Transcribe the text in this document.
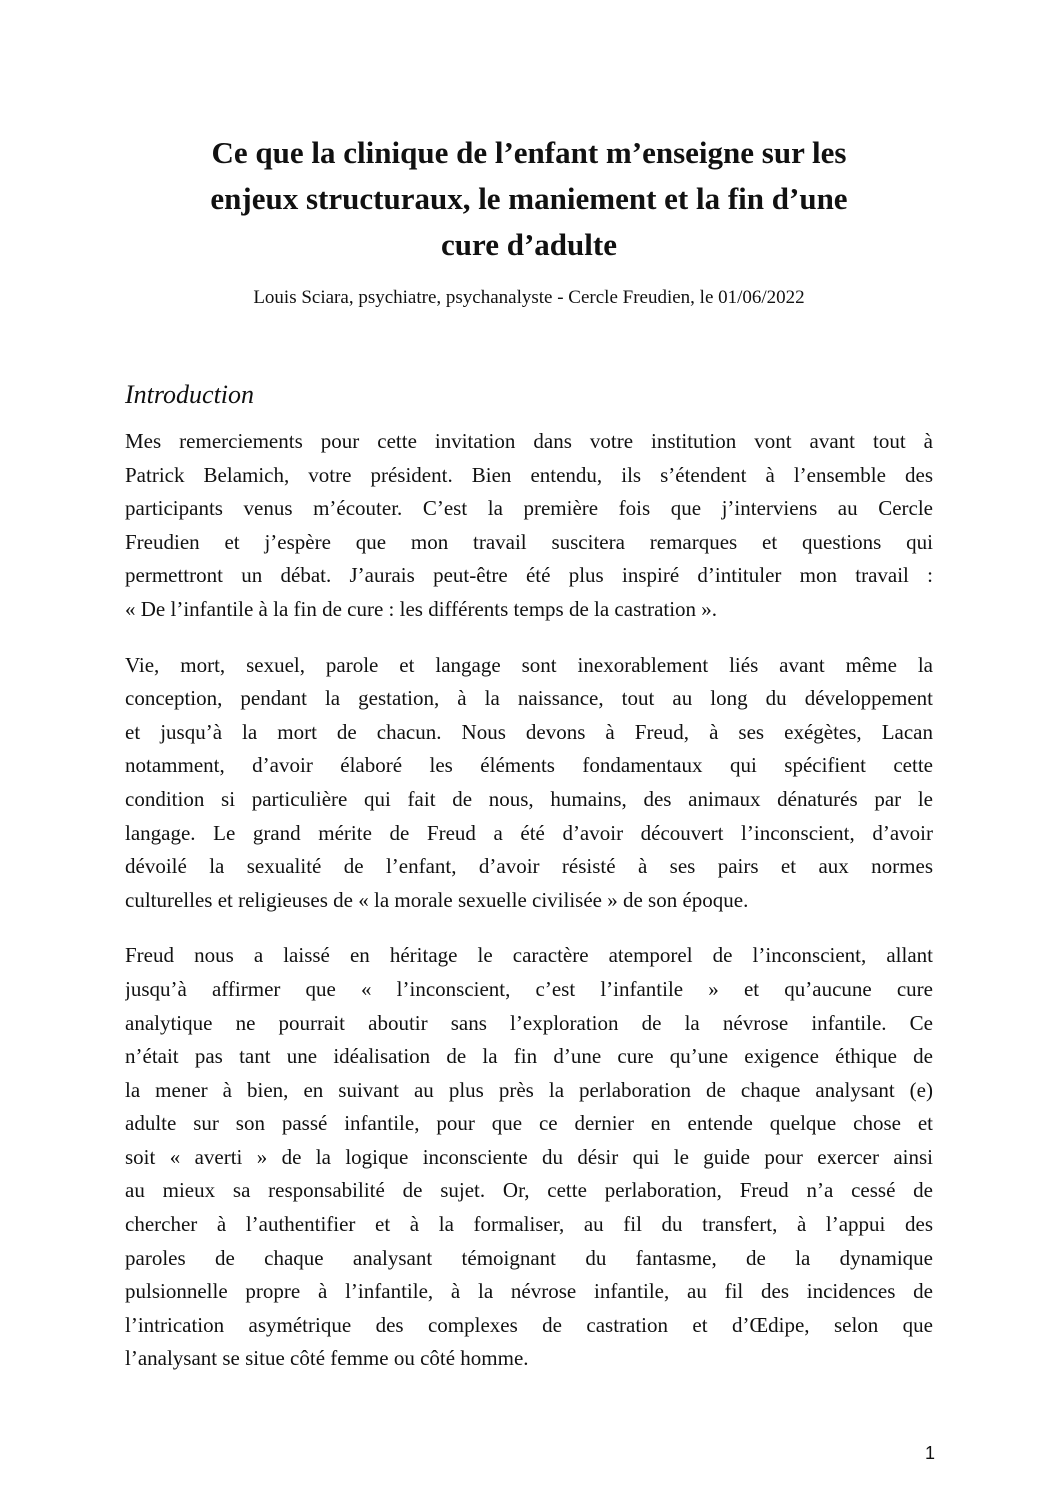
Ce que la clinique de l’enfant m’enseigne sur les
enjeux structuraux, le maniement et la fin d’une
cure d’adulte
Louis Sciara, psychiatre, psychanalyste - Cercle Freudien, le 01/06/2022
Introduction

Mes remerciements pour cette invitation dans votre institution vont avant tout à
Patrick Belamich, votre président. Bien entendu, ils s’étendent à l’ensemble des
participants venus m’écouter. C’est la première fois que j’interviens au Cercle
Freudien et j’espère que mon travail suscitera remarques et questions qui
permettront un débat. J’aurais peut-être été plus inspiré d’intituler mon travail :
« De l’infantile à la fin de cure : les différents temps de la castration ».

Vie, mort, sexuel, parole et langage sont inexorablement liés avant même la
conception, pendant la gestation, à la naissance, tout au long du développement
et jusqu’à la mort de chacun. Nous devons à Freud, à ses exégètes, Lacan
notamment, d’avoir élaboré les éléments fondamentaux qui spécifient cette
condition si particulière qui fait de nous, humains, des animaux dénaturés par le
langage. Le grand mérite de Freud a été d’avoir découvert l’inconscient, d’avoir
dévoilé la sexualité de l’enfant, d’avoir résisté à ses pairs et aux normes
culturelles et religieuses de « la morale sexuelle civilisée » de son époque.

Freud nous a laissé en héritage le caractère atemporel de l’inconscient, allant
jusqu’à affirmer que « l’inconscient, c’est l’infantile » et qu’aucune cure
analytique ne pourrait aboutir sans l’exploration de la névrose infantile. Ce
n’était pas tant une idéalisation de la fin d’une cure qu’une exigence éthique de
la mener à bien, en suivant au plus près la perlaboration de chaque analysant (e)
adulte sur son passé infantile, pour que ce dernier en entende quelque chose et
soit « averti » de la logique inconsciente du désir qui le guide pour exercer ainsi
au mieux sa responsabilité de sujet. Or, cette perlaboration, Freud n’a cessé de
chercher à l’authentifier et à la formaliser, au fil du transfert, à l’appui des
paroles de chaque analysant témoignant du fantasme, de la dynamique
pulsionnelle propre à l’infantile, à la névrose infantile, au fil des incidences de
l’intrication asymétrique des complexes de castration et d’Œdipe, selon que
l’analysant se situe côté femme ou côté homme.

1
